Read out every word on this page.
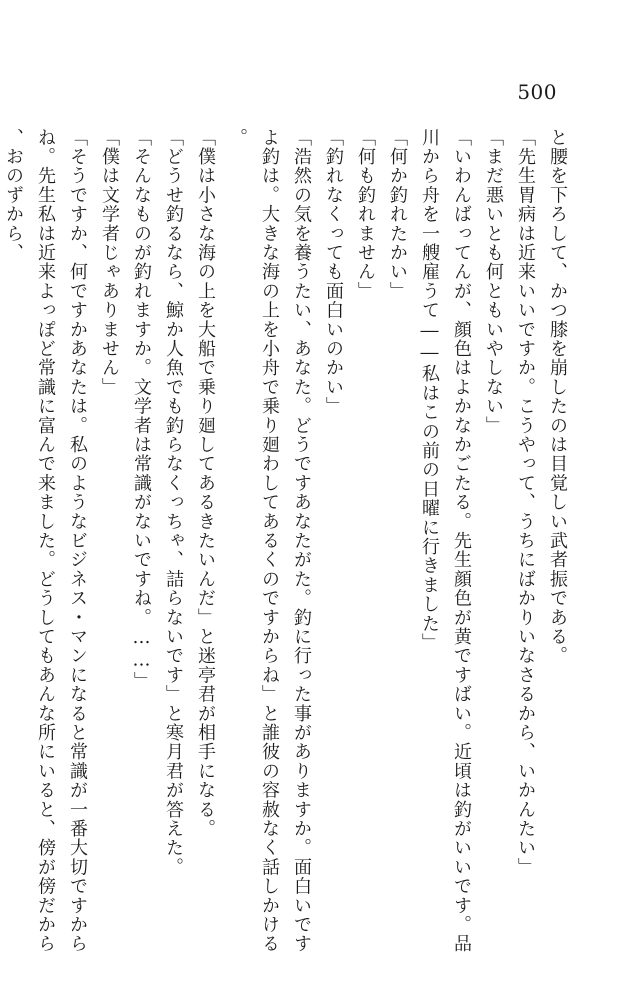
500

と腰を下ろして、かつ膝を崩したのは目覚しい武者振である。

「先生胃病は近来いいですか。こうやって、うちにばかりいなさるから、いかんたい」

「まだ悪いとも何ともいやしない」

「いわんばってんが、顔色はよかなかごたる。先生顔色が黄ですばい。近頃は釣がいいです。品川から舟を一艘雇うて――私はこの前の日曜に行きました」

「何か釣れたかい」

「何も釣れません」

「釣れなくっても面白いのかい」

「浩然の気を養うたい、あなた。どうですあなたがた。釣に行った事がありますか。面白いですよ釣は。大きな海の上を小舟で乗り廻わしてあるくのですからね」と誰彼の容赦なく話しかける。

「僕は小さな海の上を大船で乗り廻してあるきたいんだ」と迷亭君が相手になる。

「どうせ釣るなら、鯨か人魚でも釣らなくっちゃ、詰らないです」と寒月君が答えた。

「そんなものが釣れますか。文学者は常識がないですね。……」

「僕は文学者じゃありません」

「そうですか、何ですかあなたは。私のようなビジネス・マンになると常識が一番大切ですからね。先生私は近来よっぽど常識に富んで来ました。どうしてもあんな所にいると、傍が傍だから、おのずから、
